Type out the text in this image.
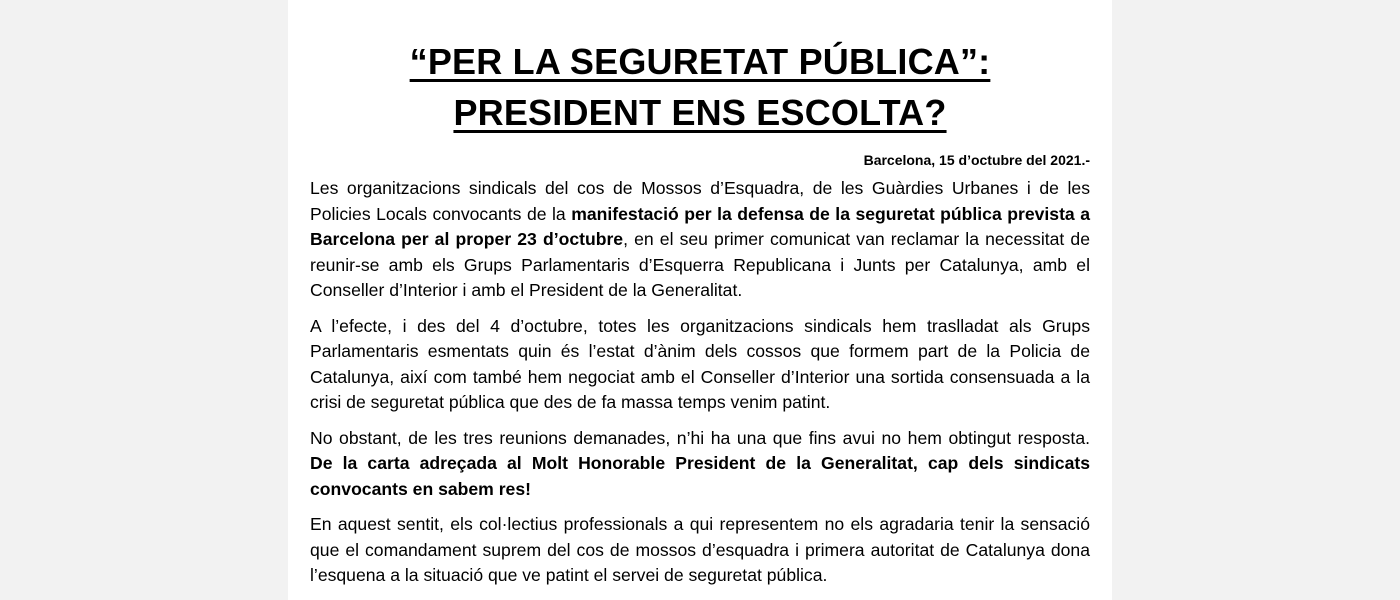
“PER LA SEGURETAT PÚBLICA”:
PRESIDENT ENS ESCOLTA?
Barcelona, 15 d’octubre del 2021.-

Les organitzacions sindicals del cos de Mossos d’Esquadra, de les Guàrdies Urbanes i de les Policies Locals convocants de la manifestació per la defensa de la seguretat pública prevista a Barcelona per al proper 23 d’octubre, en el seu primer comunicat van reclamar la necessitat de reunir-se amb els Grups Parlamentaris d’Esquerra Republicana i Junts per Catalunya, amb el Conseller d’Interior i amb el President de la Generalitat.

A l’efecte, i des del 4 d’octubre, totes les organitzacions sindicals hem traslladat als Grups Parlamentaris esmentats quin és l’estat d’ànim dels cossos que formem part de la Policia de Catalunya, així com també hem negociat amb el Conseller d’Interior una sortida consensuada a la crisi de seguretat pública que des de fa massa temps venim patint.

No obstant, de les tres reunions demanades, n’hi ha una que fins avui no hem obtingut resposta. De la carta adreçada al Molt Honorable President de la Generalitat, cap dels sindicats convocants en sabem res!

En aquest sentit, els col·lectius professionals a qui representem no els agradaria tenir la sensació que el comandament suprem del cos de mossos d’esquadra i primera autoritat de Catalunya dona l’esquena a la situació que ve patint el servei de seguretat pública.
